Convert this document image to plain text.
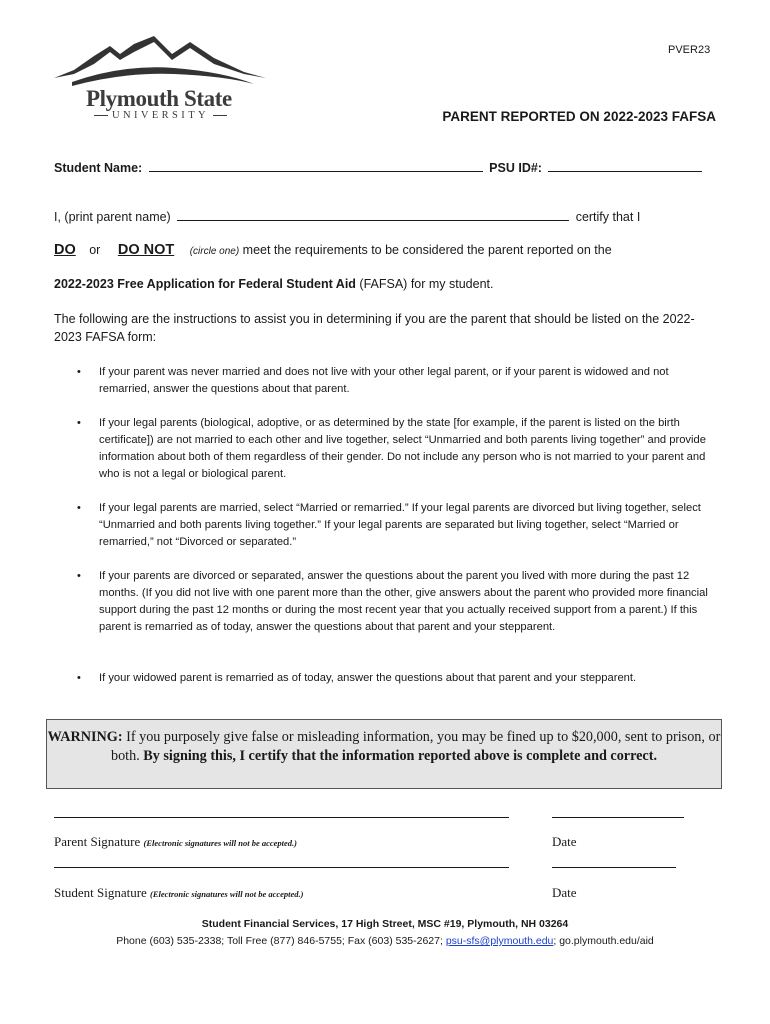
Plymouth State
UNIVERSITY
PVER23
PARENT REPORTED ON 2022-2023 FAFSA
Student Name:	PSU ID#:
I, (print parent name)	certify that I
DO or DO NOT (circle one) meet the requirements to be considered the parent reported on the
2022-2023 Free Application for Federal Student Aid (FAFSA) for my student.
The following are the instructions to assist you in determining if you are the parent that should be listed on the 2022-2023 FAFSA form:
• If your parent was never married and does not live with your other legal parent, or if your parent is widowed and not remarried, answer the questions about that parent.
• If your legal parents (biological, adoptive, or as determined by the state [for example, if the parent is listed on the birth certificate]) are not married to each other and live together, select “Unmarried and both parents living together” and provide information about both of them regardless of their gender. Do not include any person who is not married to your parent and who is not a legal or biological parent.
• If your legal parents are married, select “Married or remarried.” If your legal parents are divorced but living together, select “Unmarried and both parents living together.” If your legal parents are separated but living together, select “Married or remarried,” not “Divorced or separated.”
• If your parents are divorced or separated, answer the questions about the parent you lived with more during the past 12 months. (If you did not live with one parent more than the other, give answers about the parent who provided more financial support during the past 12 months or during the most recent year that you actually received support from a parent.) If this parent is remarried as of today, answer the questions about that parent and your stepparent.
• If your widowed parent is remarried as of today, answer the questions about that parent and your stepparent.
WARNING: If you purposely give false or misleading information, you may be fined up to $20,000, sent to prison, or both. By signing this, I certify that the information reported above is complete and correct.
Parent Signature (Electronic signatures will not be accepted.)	Date
Student Signature (Electronic signatures will not be accepted.)	Date
Student Financial Services, 17 High Street, MSC #19, Plymouth, NH 03264
Phone (603) 535-2338; Toll Free (877) 846-5755; Fax (603) 535-2627; psu-sfs@plymouth.edu; go.plymouth.edu/aid
